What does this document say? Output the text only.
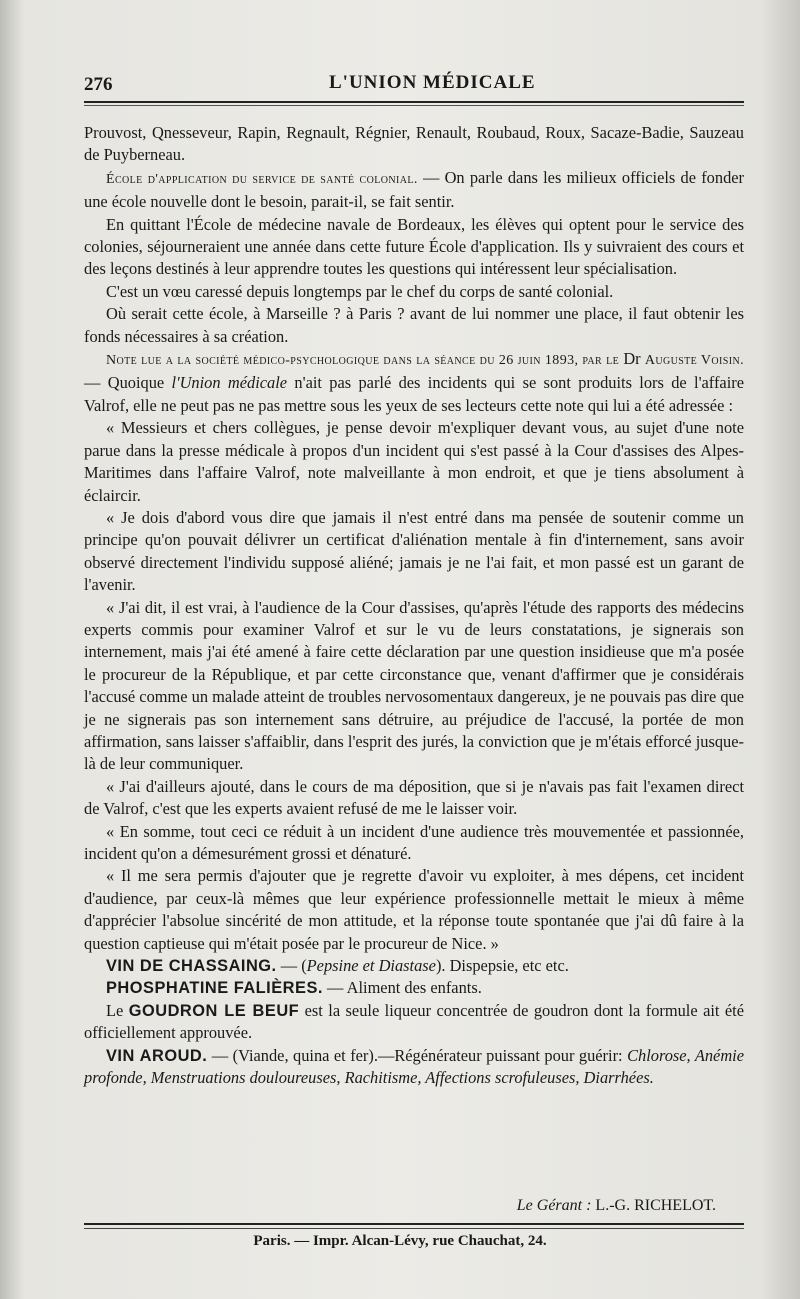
276	L'UNION MÉDICALE

Prouvost, Qnesseveur, Rapin, Regnault, Régnier, Renault, Roubaud, Roux, Sacaze-Badie, Sauzeau de Puyberneau.

École d'application du service de santé colonial. — On parle dans les milieux officiels de fonder une école nouvelle dont le besoin, parait-il, se fait sentir.

En quittant l'École de médecine navale de Bordeaux, les élèves qui optent pour le service des colonies, séjourneraient une année dans cette future École d'application. Ils y suivraient des cours et des leçons destinés à leur apprendre toutes les questions qui intéressent leur spécialisation.

C'est un vœu caressé depuis longtemps par le chef du corps de santé colonial.

Où serait cette école, à Marseille ? à Paris ? avant de lui nommer une place, il faut obtenir les fonds nécessaires à sa création.

Note lue a la société médico-psychologique dans la séance du 26 juin 1893, par le Dr Auguste Voisin. — Quoique l'Union médicale n'ait pas parlé des incidents qui se sont produits lors de l'affaire Valrof, elle ne peut pas ne pas mettre sous les yeux de ses lecteurs cette note qui lui a été adressée :

« Messieurs et chers collègues, je pense devoir m'expliquer devant vous, au sujet d'une note parue dans la presse médicale à propos d'un incident qui s'est passé à la Cour d'assises des Alpes-Maritimes dans l'affaire Valrof, note malveillante à mon endroit, et que je tiens absolument à éclaircir.

« Je dois d'abord vous dire que jamais il n'est entré dans ma pensée de soutenir comme un principe qu'on pouvait délivrer un certificat d'aliénation mentale à fin d'internement, sans avoir observé directement l'individu supposé aliéné; jamais je ne l'ai fait, et mon passé est un garant de l'avenir.

« J'ai dit, il est vrai, à l'audience de la Cour d'assises, qu'après l'étude des rapports des médecins experts commis pour examiner Valrof et sur le vu de leurs constatations, je signerais son internement, mais j'ai été amené à faire cette déclaration par une question insidieuse que m'a posée le procureur de la République, et par cette circonstance que, venant d'affirmer que je considérais l'accusé comme un malade atteint de troubles nervosomentaux dangereux, je ne pouvais pas dire que je ne signerais pas son internement sans détruire, au préjudice de l'accusé, la portée de mon affirmation, sans laisser s'affaiblir, dans l'esprit des jurés, la conviction que je m'étais efforcé jusque-là de leur communiquer.

« J'ai d'ailleurs ajouté, dans le cours de ma déposition, que si je n'avais pas fait l'examen direct de Valrof, c'est que les experts avaient refusé de me le laisser voir.

« En somme, tout ceci ce réduit à un incident d'une audience très mouvementée et passionnée, incident qu'on a démesurément grossi et dénaturé.

« Il me sera permis d'ajouter que je regrette d'avoir vu exploiter, à mes dépens, cet incident d'audience, par ceux-là mêmes que leur expérience professionnelle mettait le mieux à même d'apprécier l'absolue sincérité de mon attitude, et la réponse toute spontanée que j'ai dû faire à la question captieuse qui m'était posée par le procureur de Nice. »

VIN DE CHASSAING. — (Pepsine et Diastase). Dispepsie, etc etc.

PHOSPHATINE FALIÈRES. — Aliment des enfants.

Le GOUDRON LE BEUF est la seule liqueur concentrée de goudron dont la formule ait été officiellement approuvée.

VIN AROUD. — (Viande, quina et fer).—Régénérateur puissant pour guérir: Chlorose, Anémie profonde, Menstruations douloureuses, Rachitisme, Affections scrofuleuses, Diarrhées.

Le Gérant : L.-G. RICHELOT.
Paris. — Impr. Alcan-Lévy, rue Chauchat, 24.
